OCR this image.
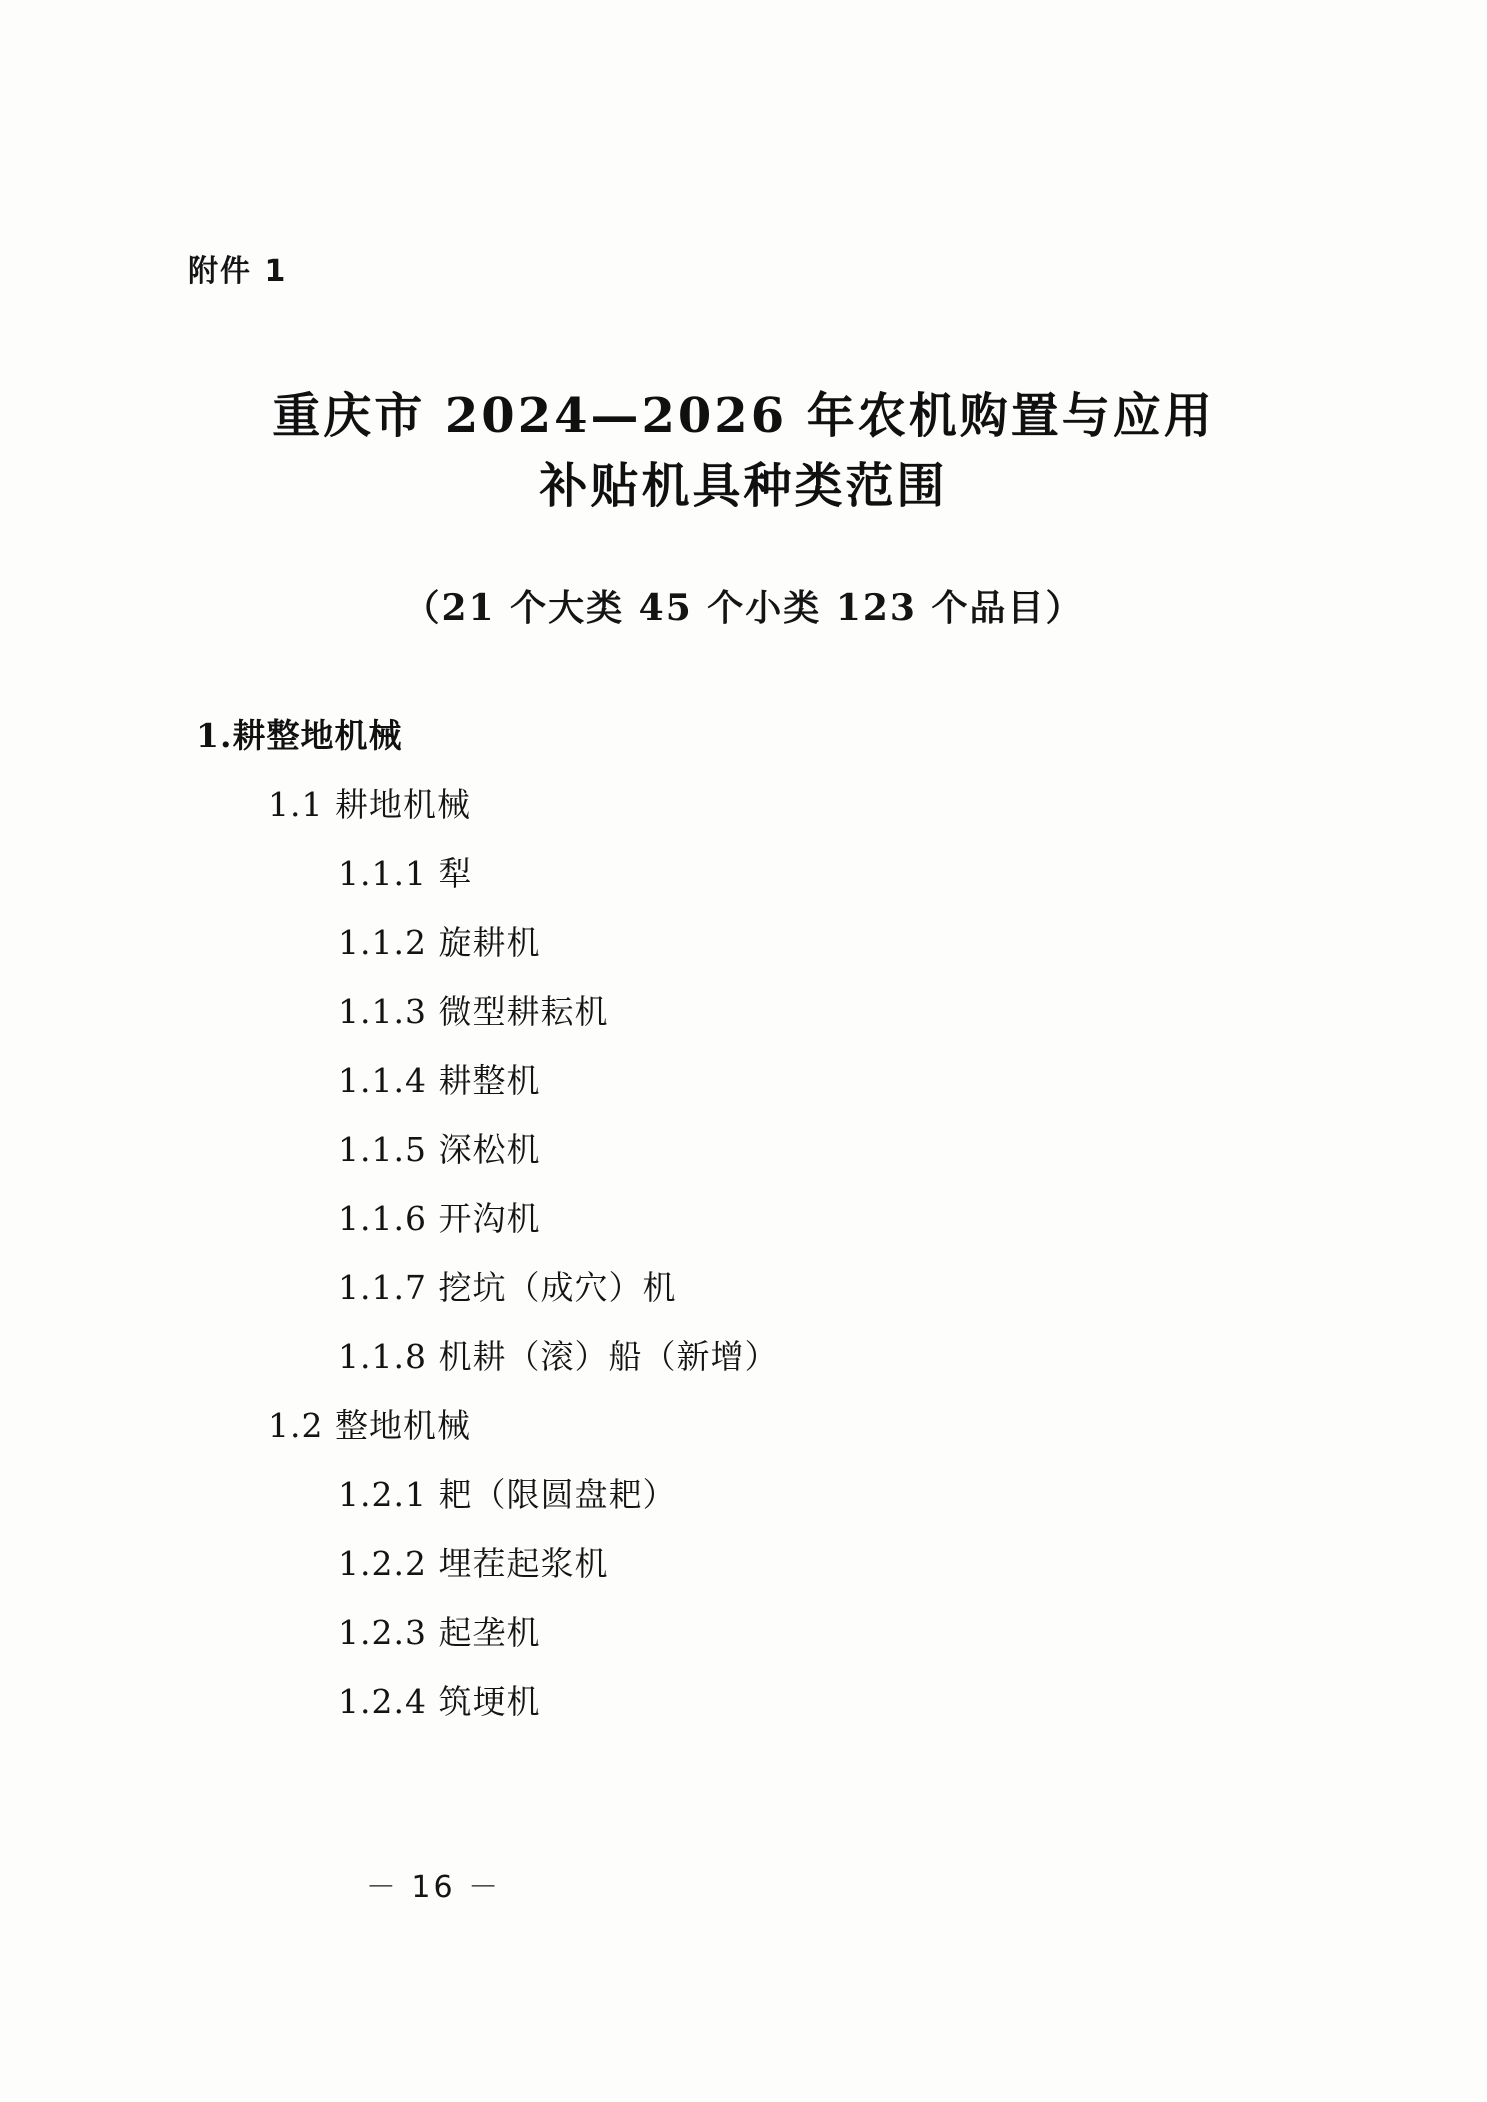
附件 1
重庆市 2024—2026 年农机购置与应用
补贴机具种类范围
（21 个大类 45 个小类 123 个品目）
1.耕整地机械
1.1 耕地机械
1.1.1 犁
1.1.2 旋耕机
1.1.3 微型耕耘机
1.1.4 耕整机
1.1.5 深松机
1.1.6 开沟机
1.1.7 挖坑（成穴）机
1.1.8 机耕（滚）船（新增）
1.2 整地机械
1.2.1 耙（限圆盘耙）
1.2.2 埋茬起浆机
1.2.3 起垄机
1.2.4 筑埂机
－ 16 －
